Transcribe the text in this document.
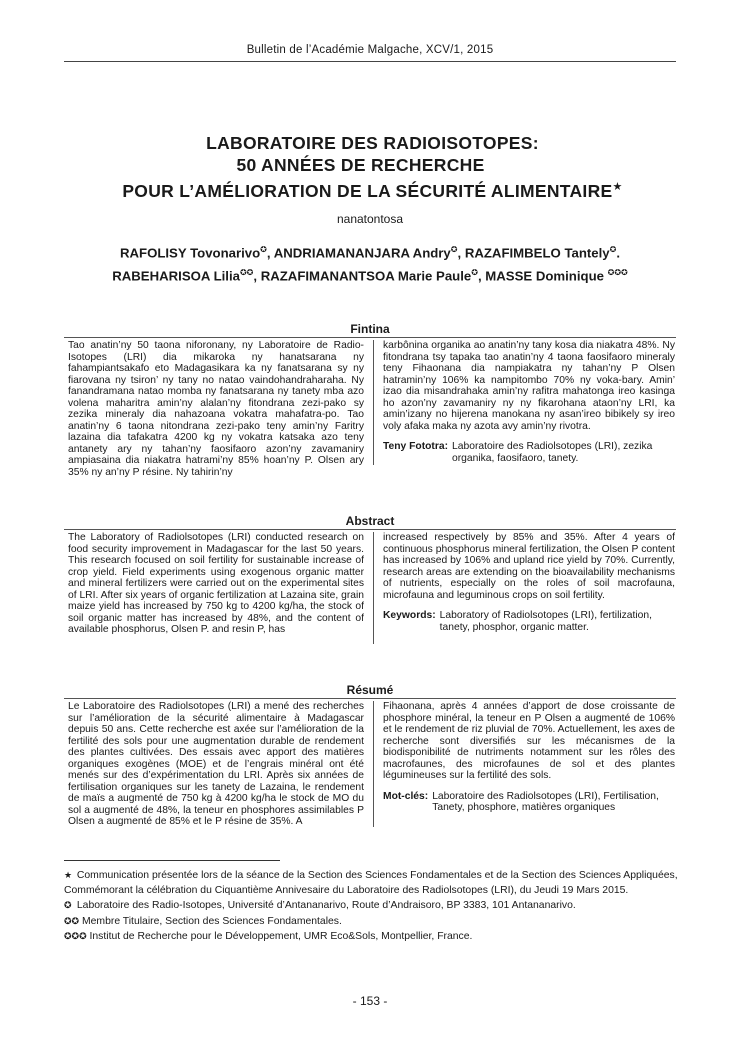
Bulletin de l’Académie Malgache, XCV/1, 2015
LABORATOIRE DES RADIOISOTOPES:
50 ANNÉES DE RECHERCHE
POUR L’AMÉLIORATION DE LA SÉCURITÉ ALIMENTAIRE★
nanatontosa
RAFOLISY Tovonarivo✪, ANDRIAMANANJARA Andry✪, RAZAFIMBELO Tantely✪.
RABEHARISOA Lilia✪✪, RAZAFIMANANTSOA Marie Paule✪, MASSE Dominique ✪✪✪
Fintina
Tao anatin’ny 50 taona niforonany, ny Laboratoire de Radio-Isotopes (LRI) dia mikaroka ny hanatsarana ny fahampiantsakafo eto Madagasikara ka ny fanatsarana sy ny fiarovana ny tsiron’ ny tany no natao vaindohandraharaha. Ny fanandramana natao momba ny fanatsarana ny tanety mba azo volena maharitra amin’ny alalan’ny fitondrana zezi-pako sy zezika mineraly dia nahazoana vokatra mahafatra-po. Tao anatin’ny 6 taona nitondrana zezi-pako teny amin’ny Faritry lazaina dia tafakatra 4200 kg ny vokatra katsaka azo teny antanety ary ny tahan’ny faosifaoro azon’ny zavamaniry ampiasaina dia niakatra hatrami’ny 85% hoan’ny P. Olsen ary 35% ny an’ny P résine. Ny tahirin’ny
karbônina organika ao anatin’ny tany kosa dia niakatra 48%. Ny fitondrana tsy tapaka tao anatin’ny 4 taona faosifaoro mineraly teny Fihaonana dia nampiakatra ny tahan’ny P Olsen hatramin’ny 106% ka nampitombo 70% ny voka-bary. Amin’ izao dia misandrahaka amin’ny rafitra mahatonga ireo kasinga ho azon’ny zavamaniry ny ny fikarohana ataon’ny LRI, ka amin’izany no hijerena manokana ny asan’ireo bibikely sy ireo voly afaka maka ny azota avy amin’ny rivotra.
Teny Fototra: Laboratoire des Radiolsotopes (LRI), zezika organika, faosifaoro, tanety.
Abstract
The Laboratory of Radiolsotopes (LRI) conducted research on food security improvement in Madagascar for the last 50 years. This research focused on soil fertility for sustainable increase of crop yield. Field experiments using exogenous organic matter and mineral fertilizers were carried out on the experimental sites of LRI. After six years of organic fertilization at Lazaina site, grain maize yield has increased by 750 kg to 4200 kg/ha, the stock of soil organic matter has increased by 48%, and the content of available phosphorus, Olsen P. and resin P, has
increased respectively by 85% and 35%. After 4 years of continuous phosphorus mineral fertilization, the Olsen P content has increased by 106% and upland rice yield by 70%. Currently, research areas are extending on the bioavailability mechanisms of nutrients, especially on the roles of soil macrofauna, microfauna and leguminous crops on soil fertility.
Keywords: Laboratory of Radiolsotopes (LRI), fertilization, tanety, phosphor, organic matter.
Résumé
Le Laboratoire des Radiolsotopes (LRI) a mené des recherches sur l’amélioration de la sécurité alimentaire à Madagascar depuis 50 ans. Cette recherche est axée sur l’amélioration de la fertilité des sols pour une augmentation durable de rendement des plantes cultivées. Des essais avec apport des matières organiques exogènes (MOE) et de l’engrais minéral ont été menés sur des d’expérimentation du LRI. Après six années de fertilisation organiques sur les tanety de Lazaina, le rendement de maïs a augmenté de 750 kg à 4200 kg/ha le stock de MO du sol a augmenté de 48%, la teneur en phosphores assimilables P Olsen a augmenté de 85% et le P résine de 35%. A
Fihaonana, après 4 années d’apport de dose croissante de phosphore minéral, la teneur en P Olsen a augmenté de 106% et le rendement de riz pluvial de 70%. Actuellement, les axes de recherche sont diversifiés sur les mécanismes de la biodisponibilité de nutriments notamment sur les rôles des macrofaunes, des microfaunes de sol et des plantes légumineuses sur la fertilité des sols.
Mot-clés: Laboratoire des Radiolsotopes (LRI), Fertilisation, Tanety, phosphore, matières organiques
★ Communication présentée lors de la séance de la Section des Sciences Fondamentales et de la Section des Sciences Appliquées,
Commémorant la célébration du Ciquantième Annivesaire du Laboratoire des Radiolsotopes (LRI), du Jeudi 19 Mars 2015.
✪ Laboratoire des Radio-Isotopes, Université d’Antananarivo, Route d’Andraisoro, BP 3383, 101 Antananarivo.
✪✪ Membre Titulaire, Section des Sciences Fondamentales.
✪✪✪ Institut de Recherche pour le Développement, UMR Eco&Sols, Montpellier, France.
- 153 -
